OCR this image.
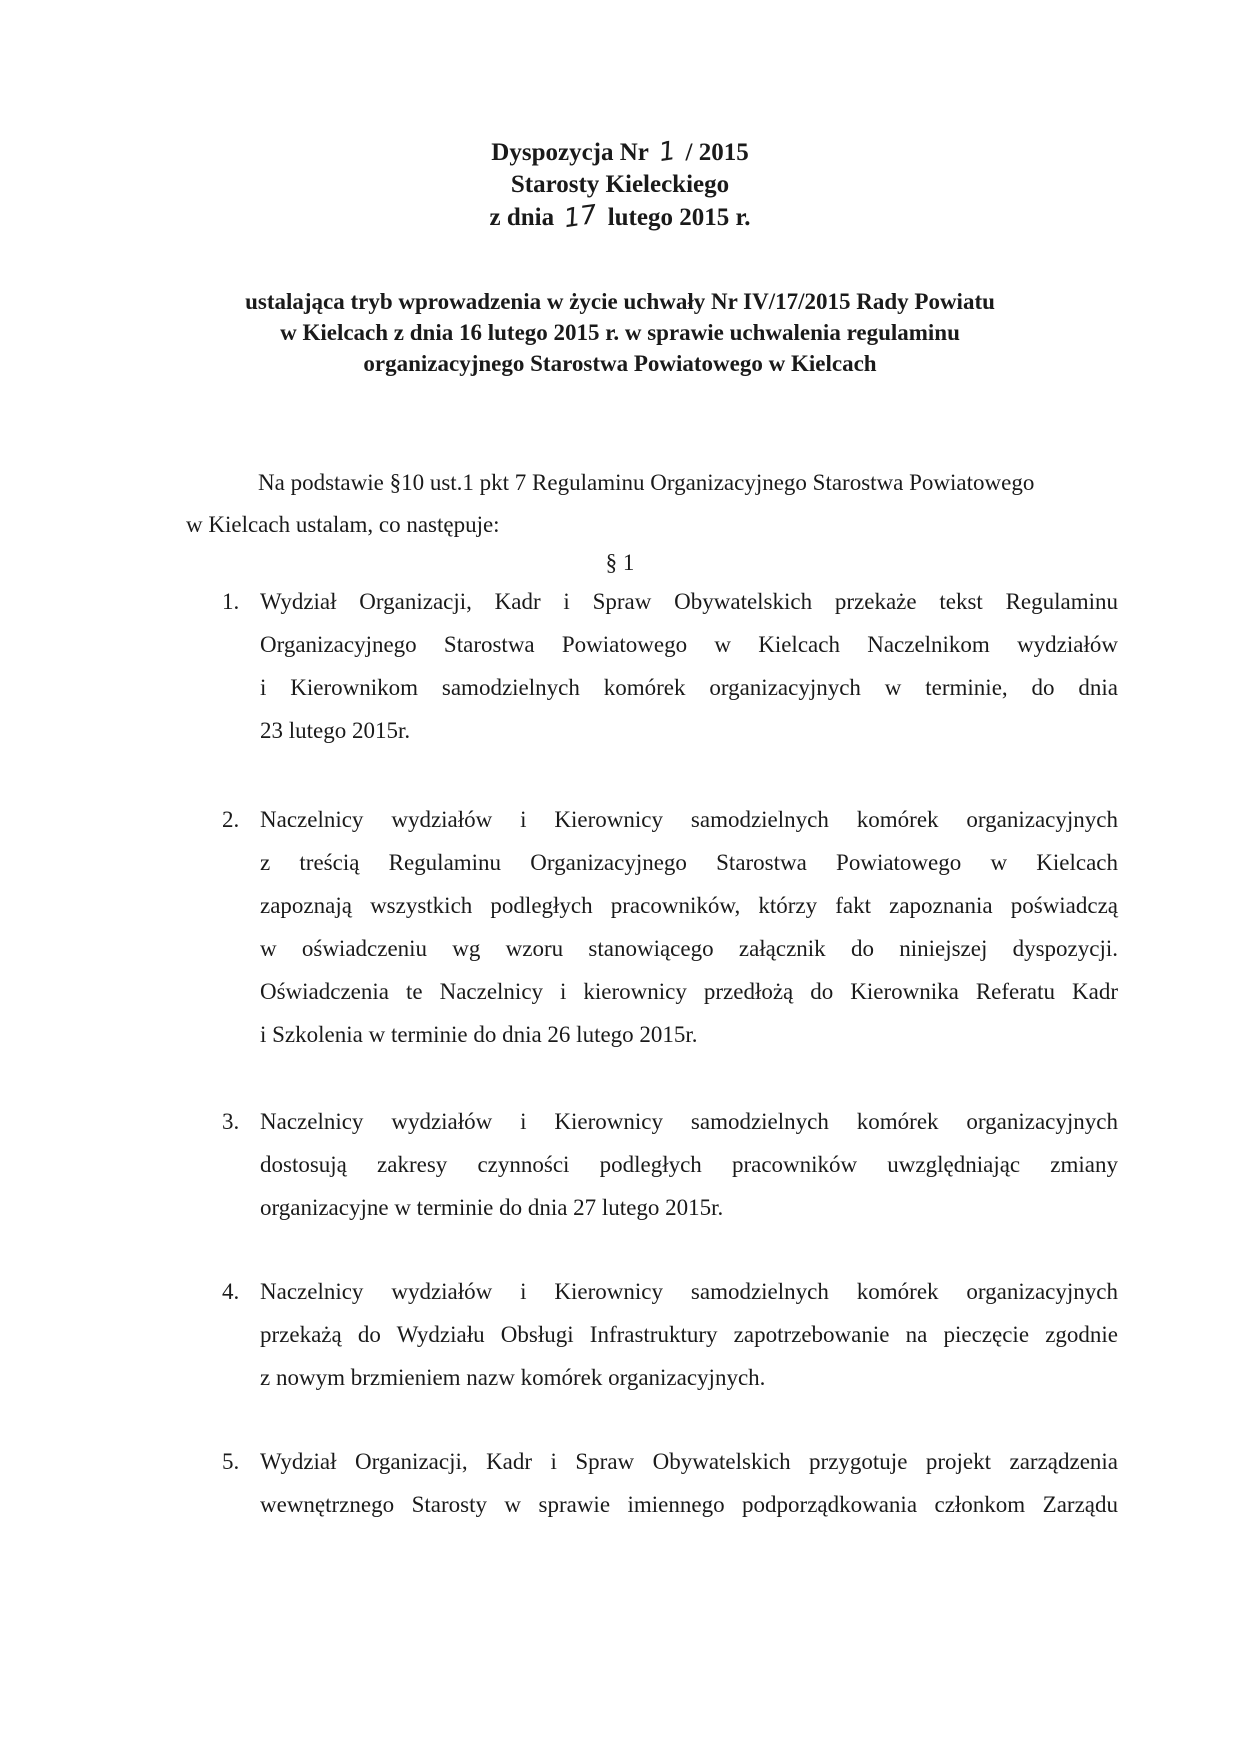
Dyspozycja Nr 1 / 2015
Starosty Kieleckiego
z dnia 17 lutego 2015 r.
ustalająca tryb wprowadzenia w życie uchwały Nr IV/17/2015 Rady Powiatu
w Kielcach z dnia 16 lutego 2015 r. w sprawie uchwalenia regulaminu
organizacyjnego Starostwa Powiatowego w Kielcach
Na podstawie §10 ust.1 pkt 7 Regulaminu Organizacyjnego Starostwa Powiatowego
w Kielcach ustalam, co następuje:
§ 1
1. Wydział Organizacji, Kadr i Spraw Obywatelskich przekaże tekst Regulaminu
Organizacyjnego Starostwa Powiatowego w Kielcach Naczelnikom wydziałów
i Kierownikom samodzielnych komórek organizacyjnych w terminie, do dnia
23 lutego 2015r.
2. Naczelnicy wydziałów i Kierownicy samodzielnych komórek organizacyjnych
z treścią Regulaminu Organizacyjnego Starostwa Powiatowego w Kielcach
zapoznają wszystkich podległych pracowników, którzy fakt zapoznania poświadczą
w oświadczeniu wg wzoru stanowiącego załącznik do niniejszej dyspozycji.
Oświadczenia te Naczelnicy i kierownicy przedłożą do Kierownika Referatu Kadr
i Szkolenia w terminie do dnia 26 lutego 2015r.
3. Naczelnicy wydziałów i Kierownicy samodzielnych komórek organizacyjnych
dostosują zakresy czynności podległych pracowników uwzględniając zmiany
organizacyjne w terminie do dnia 27 lutego 2015r.
4. Naczelnicy wydziałów i Kierownicy samodzielnych komórek organizacyjnych
przekażą do Wydziału Obsługi Infrastruktury zapotrzebowanie na pieczęcie zgodnie
z nowym brzmieniem nazw komórek organizacyjnych.
5. Wydział Organizacji, Kadr i Spraw Obywatelskich przygotuje projekt zarządzenia
wewnętrznego Starosty w sprawie imiennego podporządkowania członkom Zarządu
